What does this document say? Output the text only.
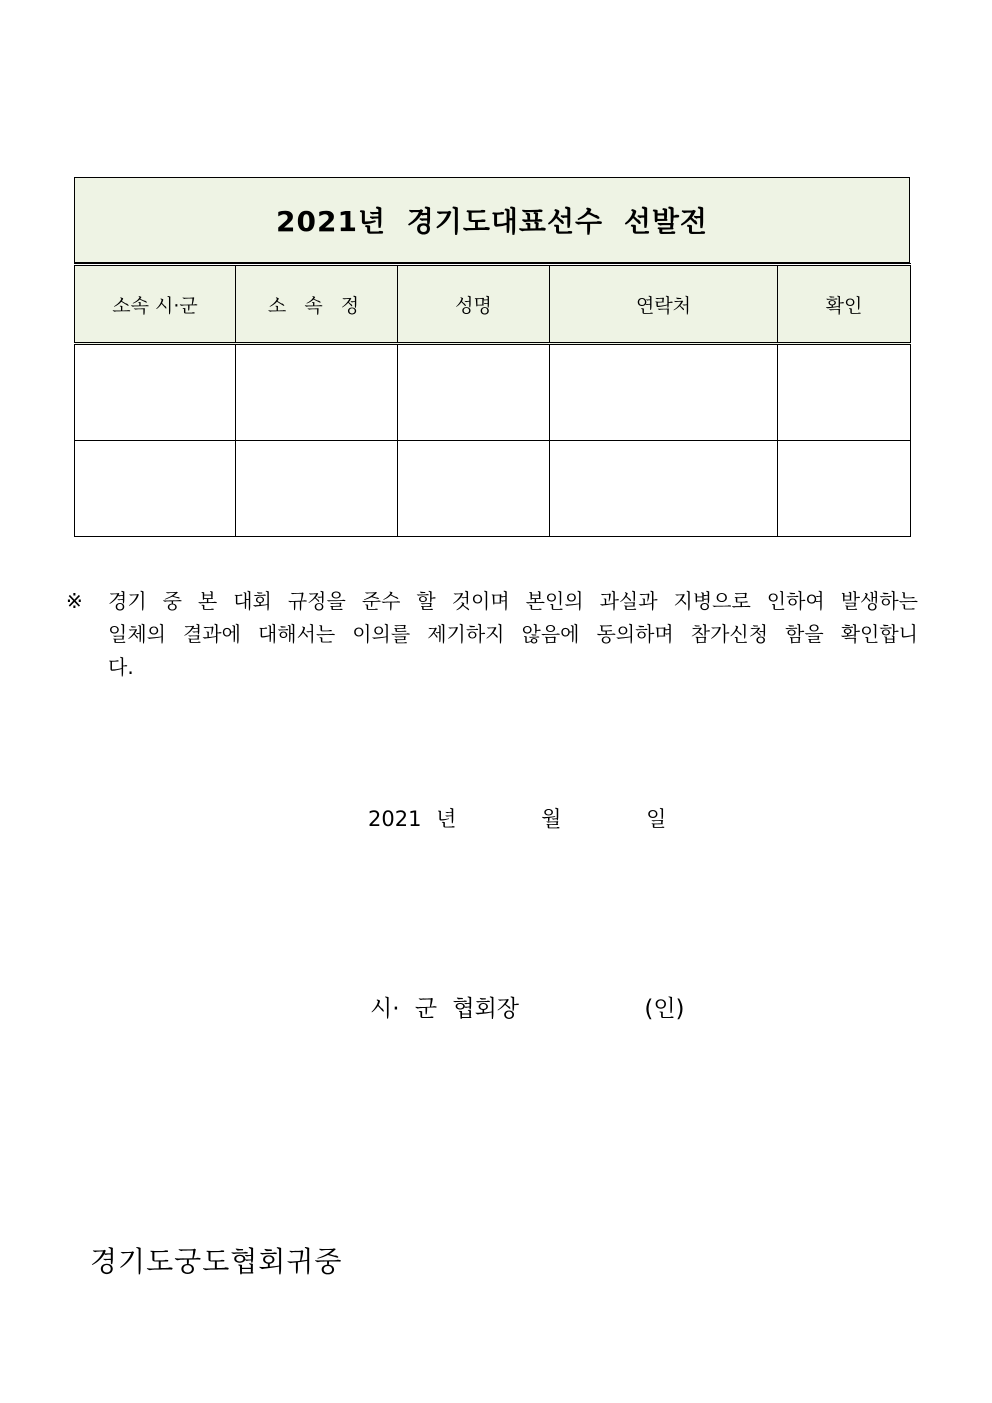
2021년 경기도대표선수 선발전
소속 시·군	소 속 정	성명	연락처	확인

※ 경기 중 본 대회 규정을 준수 할 것이며 본인의 과실과 지병으로 인하여 발생하는 일체의 결과에 대해서는 이의를 제기하지 않음에 동의하며 참가신청 함을 확인합니다.
2021 년	월	일
시· 군 협회장	(인)
경기도궁도협회귀중
